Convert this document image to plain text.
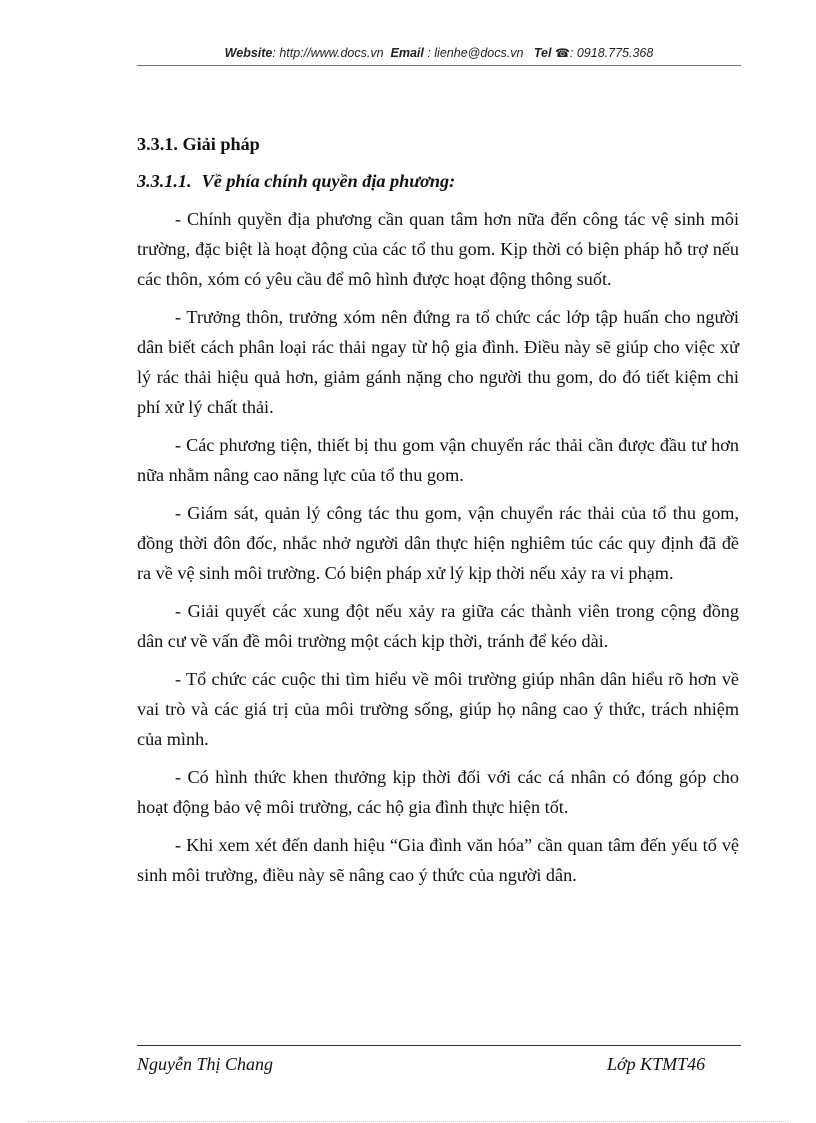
Website: http://www.docs.vn Email : lienhe@docs.vn Tel ☎: 0918.775.368
3.3.1. Giải pháp
3.3.1.1. Về phía chính quyền địa phương:

- Chính quyền địa phương cần quan tâm hơn nữa đến công tác vệ sinh môi trường, đặc biệt là hoạt động của các tổ thu gom. Kịp thời có biện pháp hỗ trợ nếu các thôn, xóm có yêu cầu để mô hình được hoạt động thông suốt.

- Trưởng thôn, trưởng xóm nên đứng ra tổ chức các lớp tập huấn cho người dân biết cách phân loại rác thải ngay từ hộ gia đình. Điều này sẽ giúp cho việc xử lý rác thải hiệu quả hơn, giảm gánh nặng cho người thu gom, do đó tiết kiệm chi phí xử lý chất thải.

- Các phương tiện, thiết bị thu gom vận chuyển rác thải cần được đầu tư hơn nữa nhằm nâng cao năng lực của tổ thu gom.

- Giám sát, quản lý công tác thu gom, vận chuyển rác thải của tổ thu gom, đồng thời đôn đốc, nhắc nhở người dân thực hiện nghiêm túc các quy định đã đề ra về vệ sinh môi trường. Có biện pháp xử lý kịp thời nếu xảy ra vi phạm.

- Giải quyết các xung đột nếu xảy ra giữa các thành viên trong cộng đồng dân cư về vấn đề môi trường một cách kịp thời, tránh để kéo dài.

- Tổ chức các cuộc thi tìm hiểu về môi trường giúp nhân dân hiểu rõ hơn về vai trò và các giá trị của môi trường sống, giúp họ nâng cao ý thức, trách nhiệm của mình.

- Có hình thức khen thưởng kịp thời đối với các cá nhân có đóng góp cho hoạt động bảo vệ môi trường, các hộ gia đình thực hiện tốt.

- Khi xem xét đến danh hiệu “Gia đình văn hóa” cần quan tâm đến yếu tố vệ sinh môi trường, điều này sẽ nâng cao ý thức của người dân.

Nguyễn Thị Chang	Lớp KTMT46
